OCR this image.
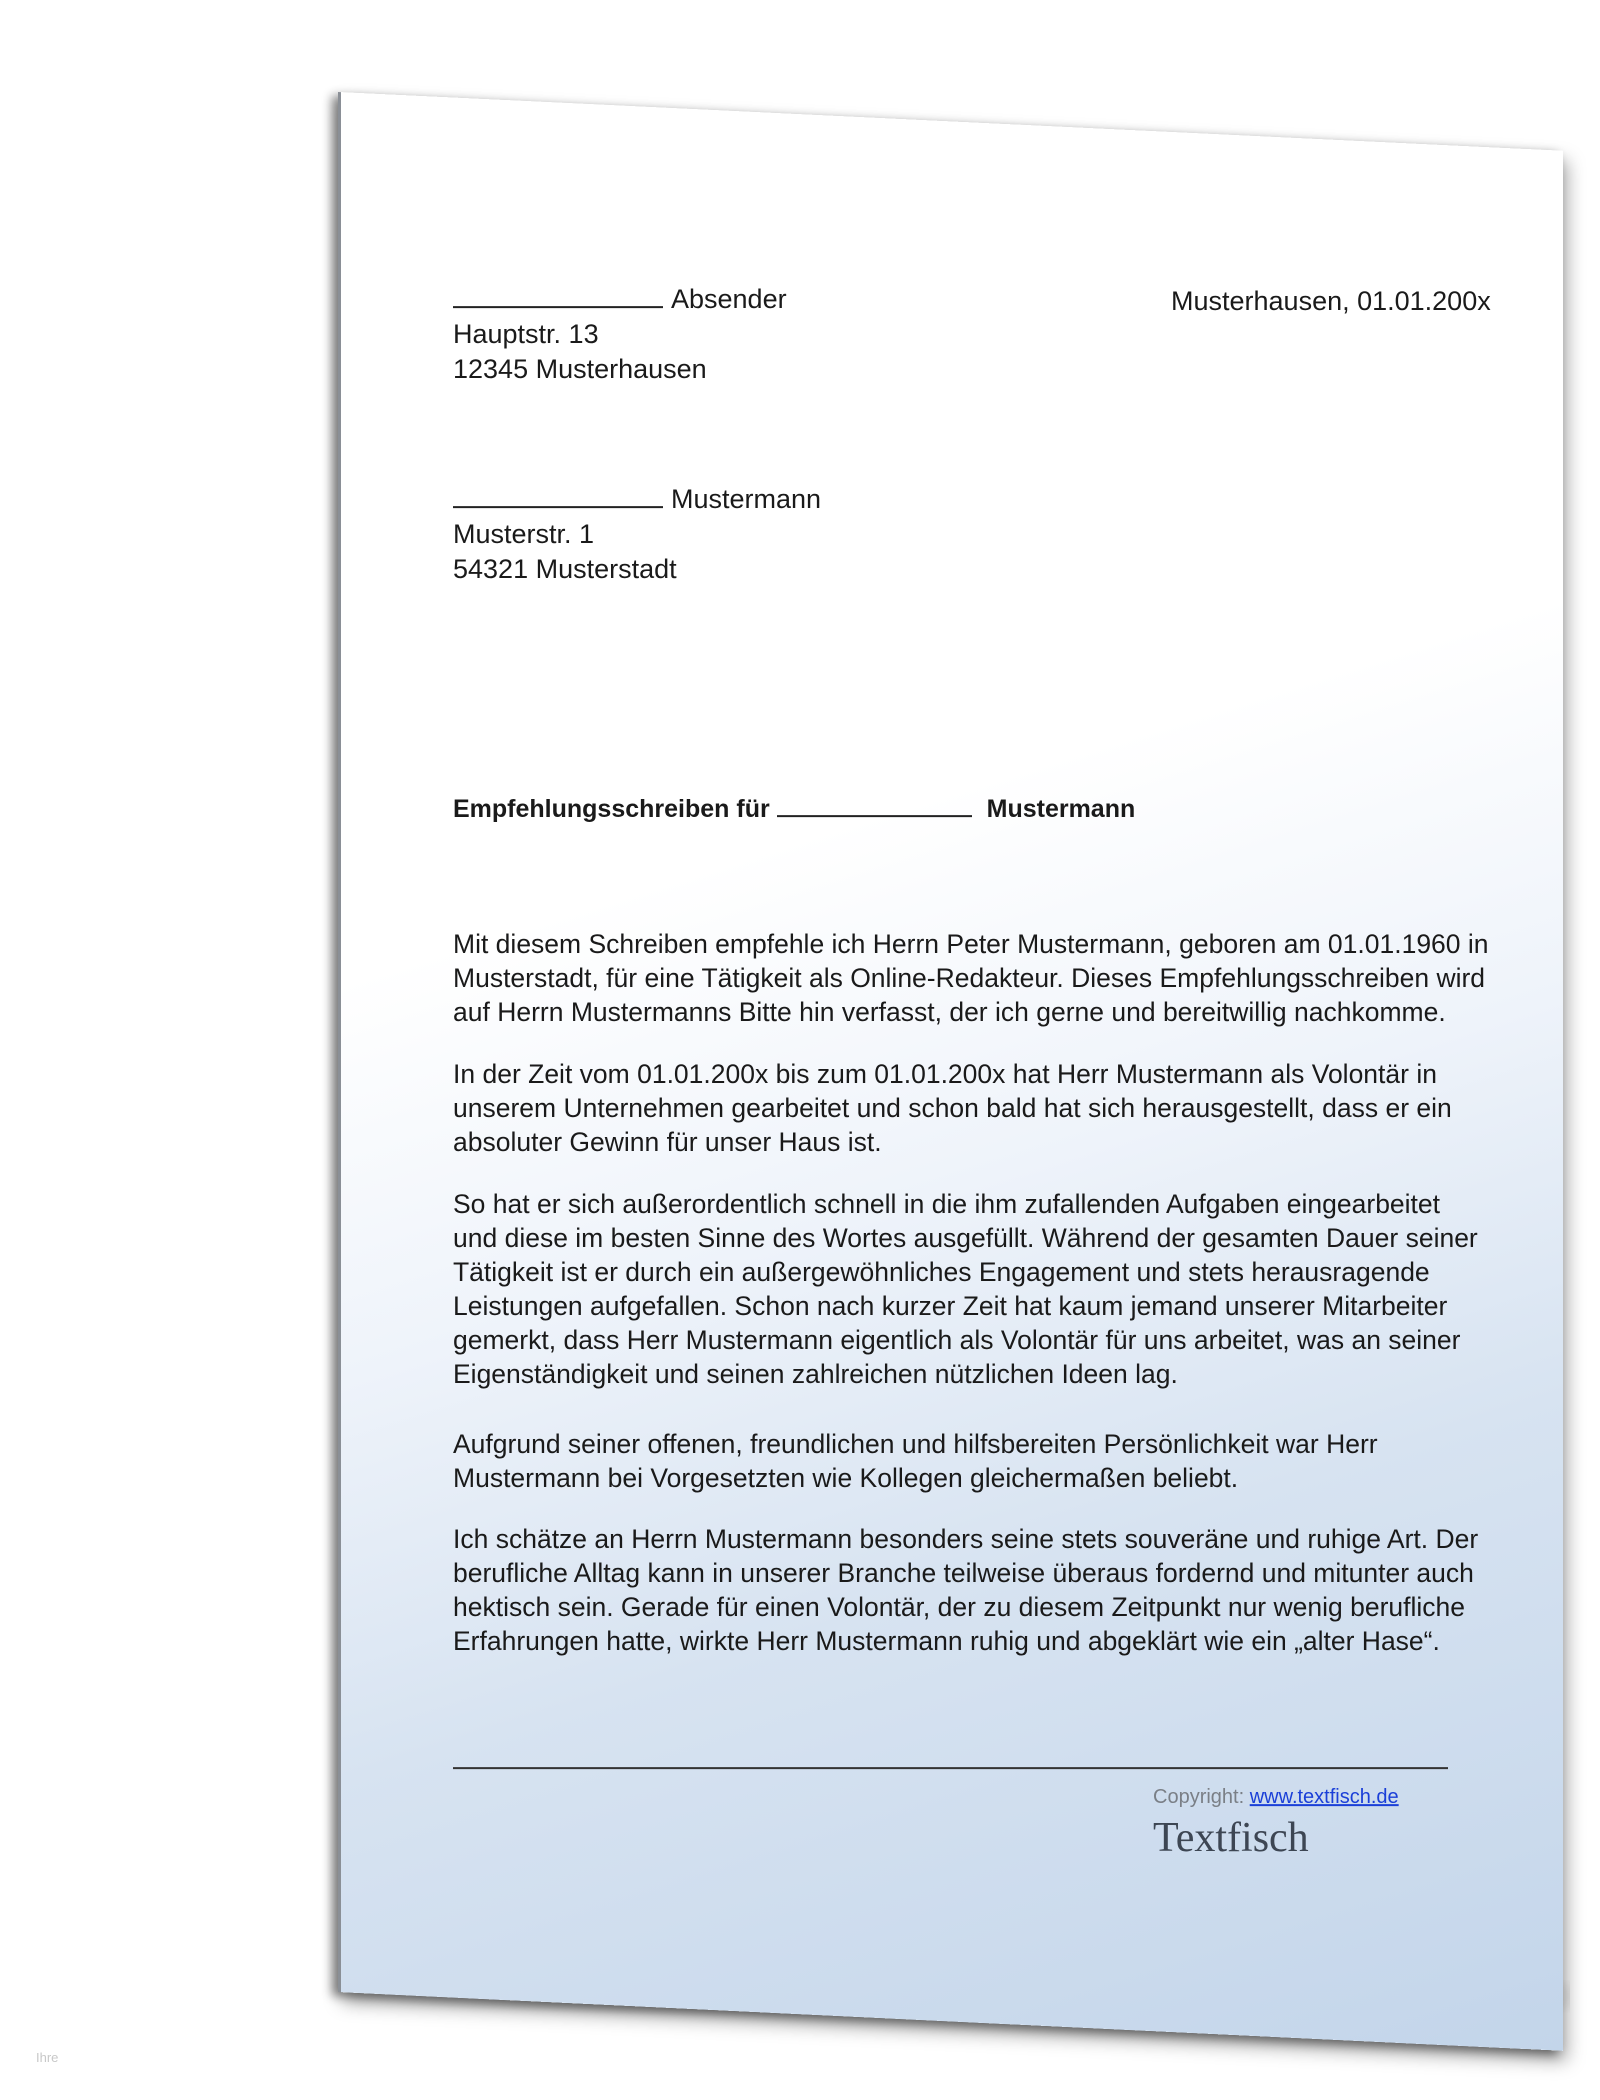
Absender
Hauptstr. 13
12345 Musterhausen
Musterhausen, 01.01.200x
Mustermann
Musterstr. 1
54321 Musterstadt
Empfehlungsschreiben für	Mustermann
Mit diesem Schreiben empfehle ich Herrn Peter Mustermann, geboren am 01.01.1960 in
Musterstadt, für eine Tätigkeit als Online-Redakteur. Dieses Empfehlungsschreiben wird
auf Herrn Mustermanns Bitte hin verfasst, der ich gerne und bereitwillig nachkomme.
In der Zeit vom 01.01.200x bis zum 01.01.200x hat Herr Mustermann als Volontär in
unserem Unternehmen gearbeitet und schon bald hat sich herausgestellt, dass er ein
absoluter Gewinn für unser Haus ist.
So hat er sich außerordentlich schnell in die ihm zufallenden Aufgaben eingearbeitet
und diese im besten Sinne des Wortes ausgefüllt. Während der gesamten Dauer seiner
Tätigkeit ist er durch ein außergewöhnliches Engagement und stets herausragende
Leistungen aufgefallen. Schon nach kurzer Zeit hat kaum jemand unserer Mitarbeiter
gemerkt, dass Herr Mustermann eigentlich als Volontär für uns arbeitet, was an seiner
Eigenständigkeit und seinen zahlreichen nützlichen Ideen lag.
Aufgrund seiner offenen, freundlichen und hilfsbereiten Persönlichkeit war Herr
Mustermann bei Vorgesetzten wie Kollegen gleichermaßen beliebt.
Ich schätze an Herrn Mustermann besonders seine stets souveräne und ruhige Art. Der
berufliche Alltag kann in unserer Branche teilweise überaus fordernd und mitunter auch
hektisch sein. Gerade für einen Volontär, der zu diesem Zeitpunkt nur wenig berufliche
Erfahrungen hatte, wirkte Herr Mustermann ruhig und abgeklärt wie ein „alter Hase“.
Copyright: www.textfisch.de
Textfisch
Ihre
